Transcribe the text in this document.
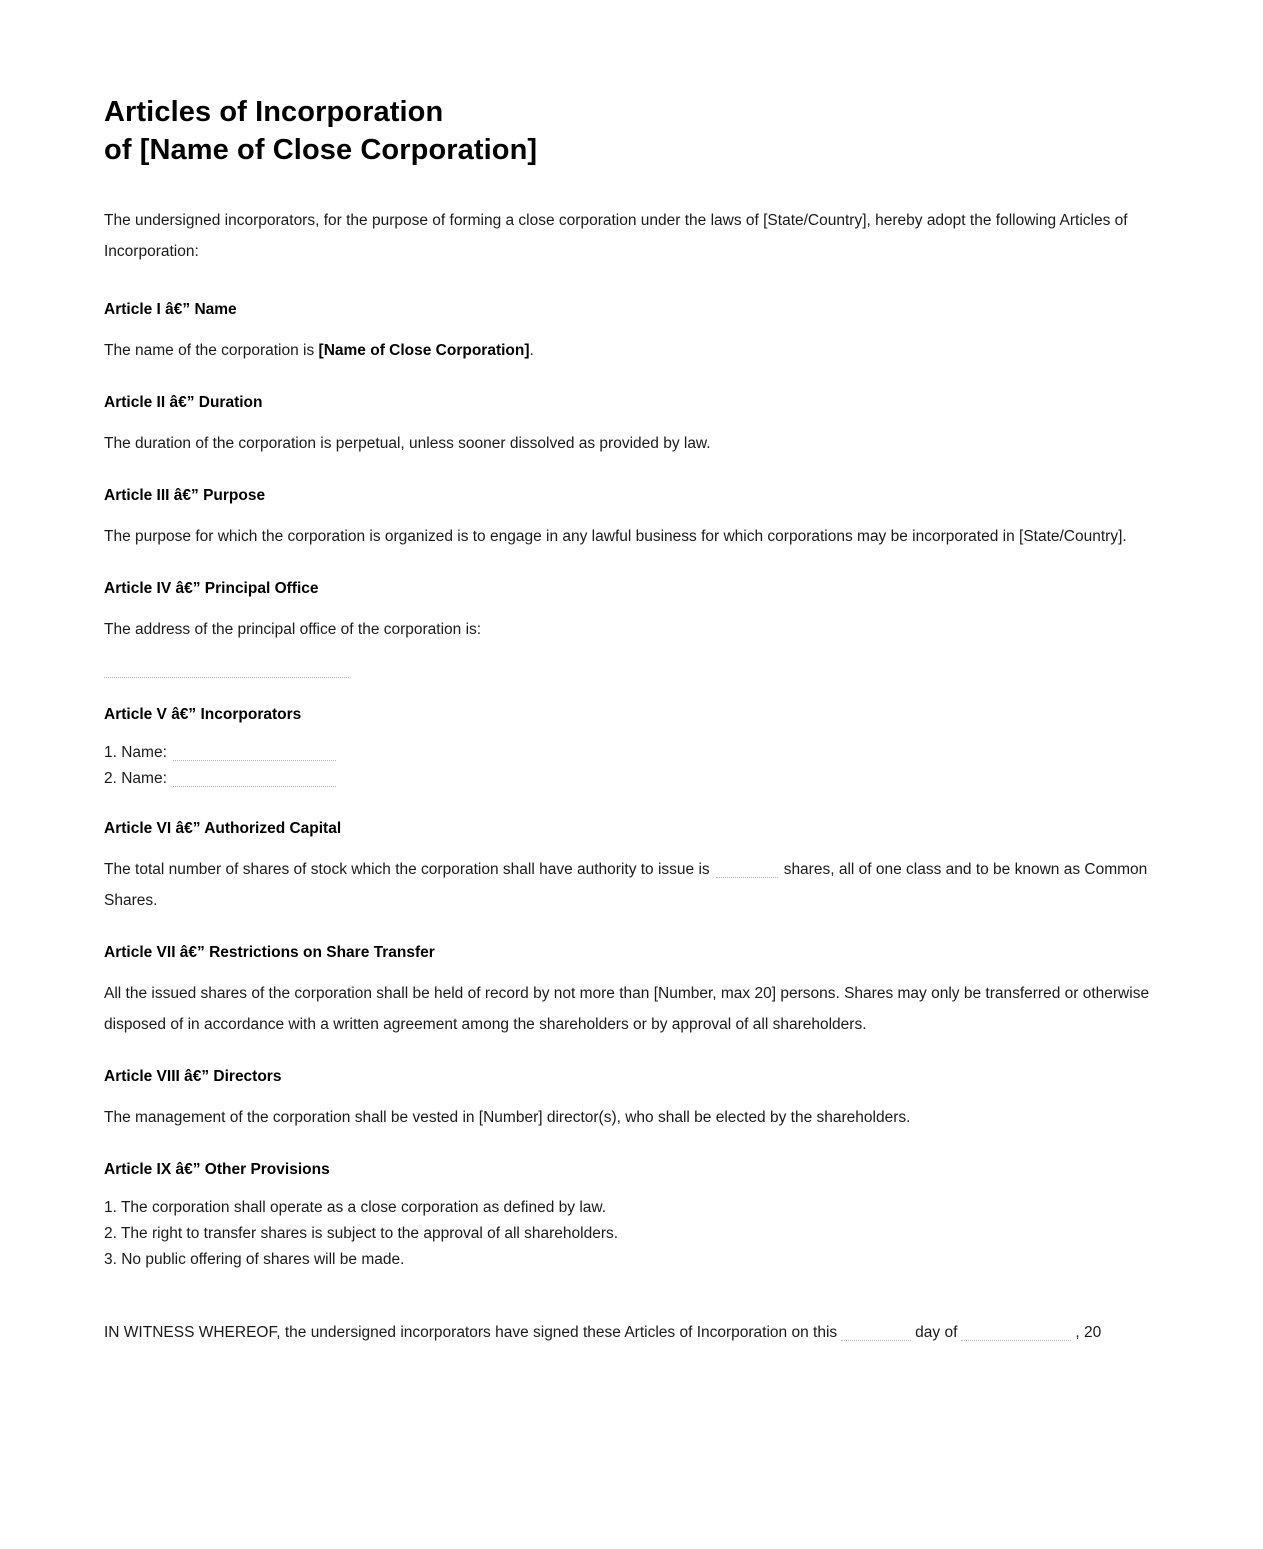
Articles of Incorporation
of [Name of Close Corporation]

The undersigned incorporators, for the purpose of forming a close corporation under the laws of [State/Country], hereby adopt the following Articles of Incorporation:

Article I â€” Name

The name of the corporation is [Name of Close Corporation].

Article II â€” Duration

The duration of the corporation is perpetual, unless sooner dissolved as provided by law.

Article III â€” Purpose

The purpose for which the corporation is organized is to engage in any lawful business for which corporations may be incorporated in [State/Country].

Article IV â€” Principal Office

The address of the principal office of the corporation is:

Article V â€” Incorporators

1. Name:

2. Name:

Article VI â€” Authorized Capital

The total number of shares of stock which the corporation shall have authority to issue is	shares, all of one class and to be known as Common Shares.

Article VII â€” Restrictions on Share Transfer

All the issued shares of the corporation shall be held of record by not more than [Number, max 20] persons. Shares may only be transferred or otherwise disposed of in accordance with a written agreement among the shareholders or by approval of all shareholders.

Article VIII â€” Directors

The management of the corporation shall be vested in [Number] director(s), who shall be elected by the shareholders.

Article IX â€” Other Provisions

1. The corporation shall operate as a close corporation as defined by law.

2. The right to transfer shares is subject to the approval of all shareholders.

3. No public offering of shares will be made.

IN WITNESS WHEREOF, the undersigned incorporators have signed these Articles of Incorporation on this	day of	, 20
